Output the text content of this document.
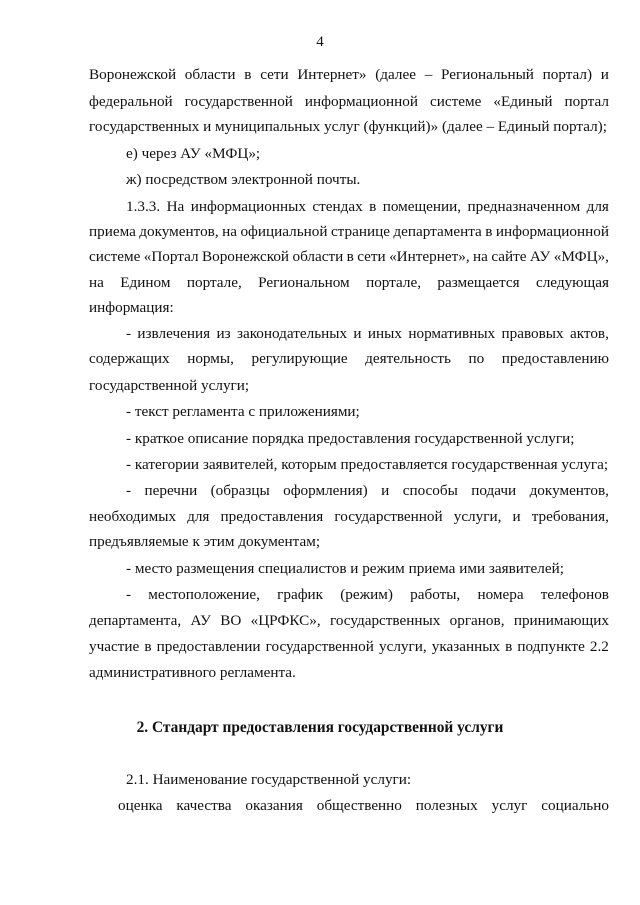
4
Воронежской области в сети Интернет» (далее – Региональный портал) и
федеральной государственной информационной системе «Единый портал
государственных и муниципальных услуг (функций)» (далее – Единый портал);
е) через АУ «МФЦ»;
ж) посредством электронной почты.
1.3.3. На информационных стендах в помещении, предназначенном для
приема документов, на официальной странице департамента в информационной
системе «Портал Воронежской области в сети «Интернет», на сайте АУ «МФЦ»,
на Едином портале, Региональном портале, размещается следующая
информация:
- извлечения из законодательных и иных нормативных правовых актов,
содержащих нормы, регулирующие деятельность по предоставлению
государственной услуги;
- текст регламента с приложениями;
- краткое описание порядка предоставления государственной услуги;
- категории заявителей, которым предоставляется государственная услуга;
- перечни (образцы оформления) и способы подачи документов,
необходимых для предоставления государственной услуги, и требования,
предъявляемые к этим документам;
- место размещения специалистов и режим приема ими заявителей;
- местоположение, график (режим) работы, номера телефонов
департамента, АУ ВО «ЦРФКС», государственных органов, принимающих
участие в предоставлении государственной услуги, указанных в подпункте 2.2
административного регламента.
2. Стандарт предоставления государственной услуги
2.1. Наименование государственной услуги:
оценка качества оказания общественно полезных услуг социально
